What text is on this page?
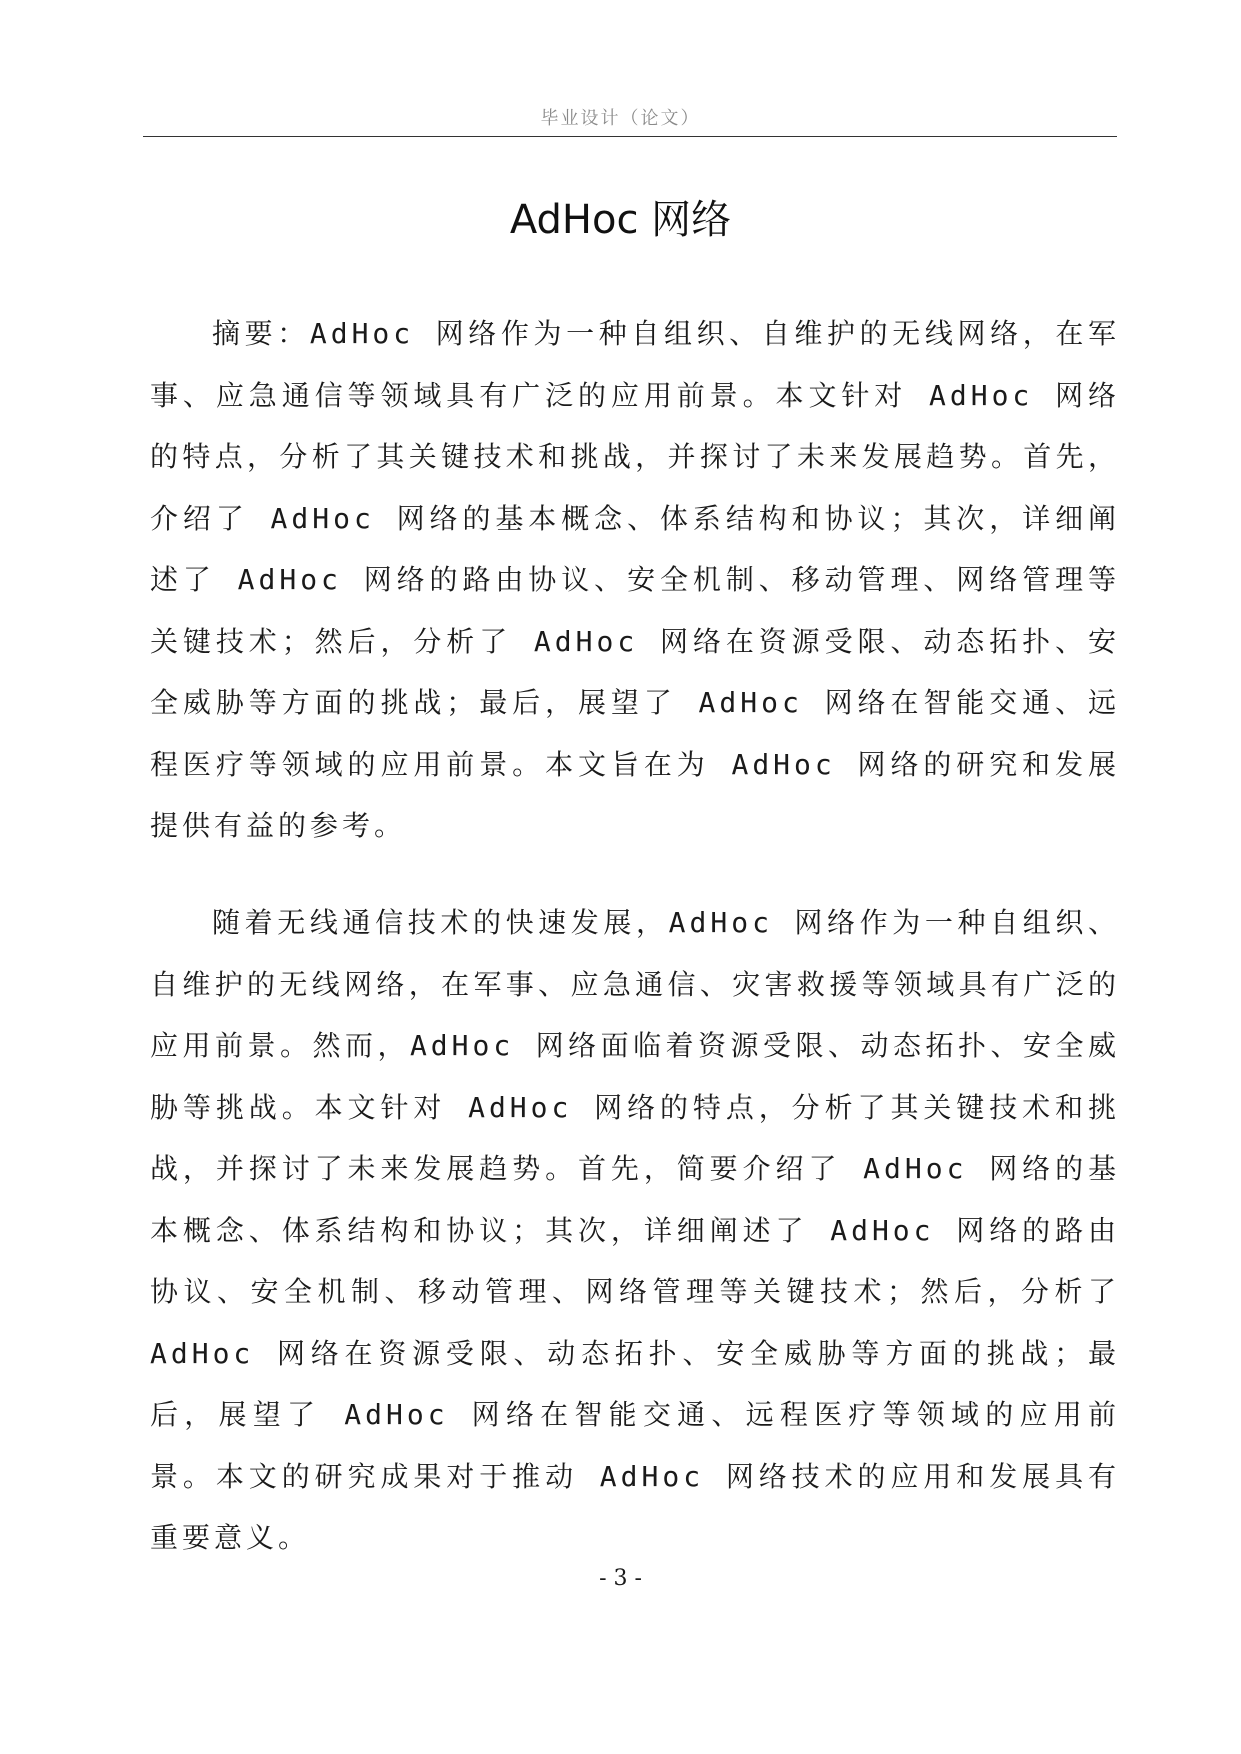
毕业设计（论文）
AdHoc 网络

摘要：AdHoc 网络作为一种自组织、自维护的无线网络，在军事、应急通信等领域具有广泛的应用前景。本文针对 AdHoc 网络的特点，分析了其关键技术和挑战，并探讨了未来发展趋势。首先，介绍了 AdHoc 网络的基本概念、体系结构和协议；其次，详细阐述了 AdHoc 网络的路由协议、安全机制、移动管理、网络管理等关键技术；然后，分析了 AdHoc 网络在资源受限、动态拓扑、安全威胁等方面的挑战；最后，展望了 AdHoc 网络在智能交通、远程医疗等领域的应用前景。本文旨在为 AdHoc 网络的研究和发展提供有益的参考。

随着无线通信技术的快速发展，AdHoc 网络作为一种自组织、自维护的无线网络，在军事、应急通信、灾害救援等领域具有广泛的应用前景。然而，AdHoc 网络面临着资源受限、动态拓扑、安全威胁等挑战。本文针对 AdHoc 网络的特点，分析了其关键技术和挑战，并探讨了未来发展趋势。首先，简要介绍了 AdHoc 网络的基本概念、体系结构和协议；其次，详细阐述了 AdHoc 网络的路由协议、安全机制、移动管理、网络管理等关键技术；然后，分析了 AdHoc 网络在资源受限、动态拓扑、安全威胁等方面的挑战；最后，展望了 AdHoc 网络在智能交通、远程医疗等领域的应用前景。本文的研究成果对于推动 AdHoc 网络技术的应用和发展具有重要意义。

- 3 -
